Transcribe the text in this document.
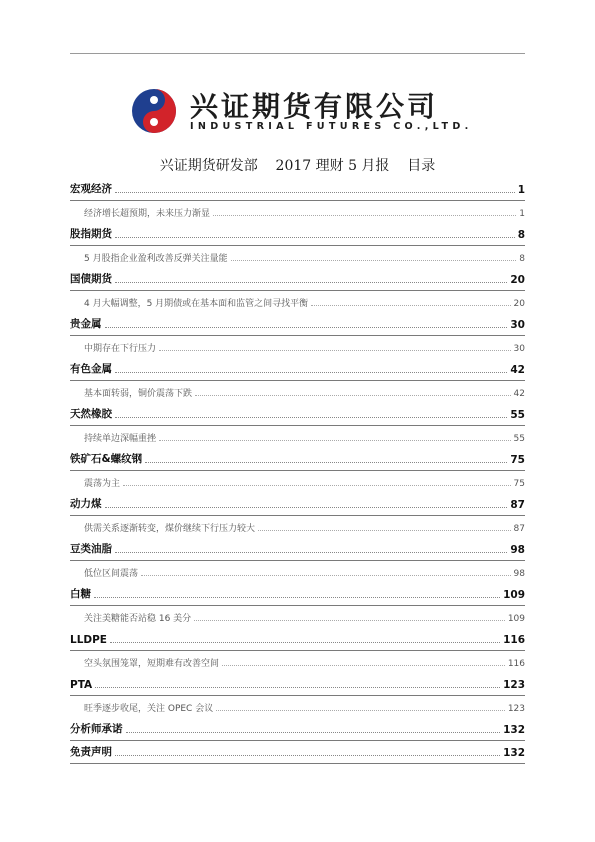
兴证期货有限公司
INDUSTRIAL FUTURES CO.,LTD.
兴证期货研发部    2017 理财 5 月报    目录
宏观经济	1
经济增长超预期，未来压力渐显	1
股指期货	8
5 月股指企业盈利改善反弹关注量能	8
国债期货	20
4 月大幅调整，5 月期债或在基本面和监管之间寻找平衡	20
贵金属	30
中期存在下行压力	30
有色金属	42
基本面转弱，铜价震荡下跌	42
天然橡胶	55
持续单边深幅重挫	55
铁矿石&螺纹钢	75
震荡为主	75
动力煤	87
供需关系逐渐转变，煤价继续下行压力较大	87
豆类油脂	98
低位区间震荡	98
白糖	109
关注美糖能否站稳 16 美分	109
LLDPE	116
空头氛围笼罩，短期难有改善空间	116
PTA	123
旺季逐步收尾，关注 OPEC 会议	123
分析师承诺	132
免责声明	132
